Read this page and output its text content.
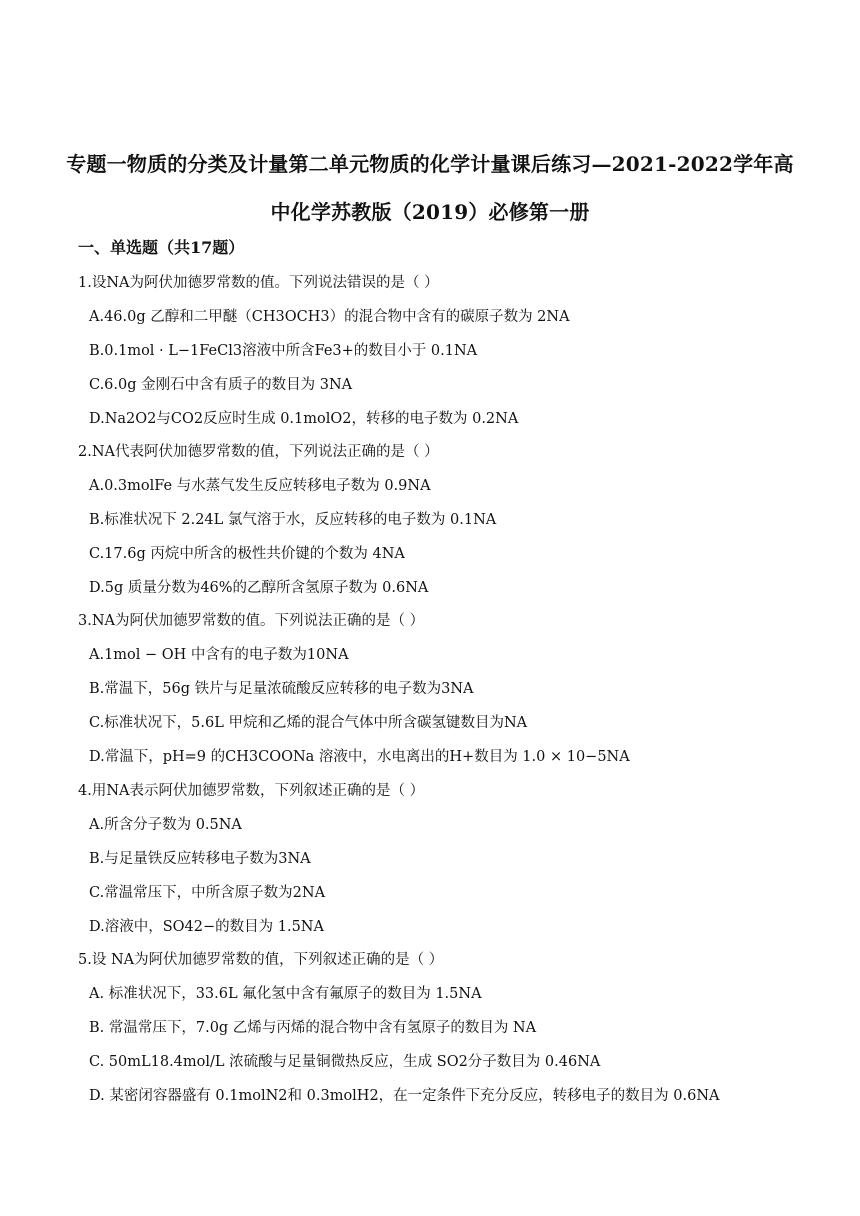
专题一物质的分类及计量第二单元物质的化学计量课后练习—2021-2022学年高
中化学苏教版（2019）必修第一册
一、单选题（共17题）
1.设NA为阿伏加德罗常数的值。下列说法错误的是（ ）
A.46.0g 乙醇和二甲醚（CH3OCH3）的混合物中含有的碳原子数为 2NA
B.0.1mol · L−1FeCl3溶液中所含Fe3+的数目小于 0.1NA
C.6.0g 金刚石中含有质子的数目为 3NA
D.Na2O2与CO2反应时生成 0.1molO2，转移的电子数为 0.2NA
2.NA代表阿伏加德罗常数的值，下列说法正确的是（ ）
A.0.3molFe 与水蒸气发生反应转移电子数为 0.9NA
B.标准状况下 2.24L 氯气溶于水，反应转移的电子数为 0.1NA
C.17.6g 丙烷中所含的极性共价键的个数为 4NA
D.5g 质量分数为46%的乙醇所含氢原子数为 0.6NA
3.NA为阿伏加德罗常数的值。下列说法正确的是（ ）
A.1mol − OH 中含有的电子数为10NA
B.常温下，56g 铁片与足量浓硫酸反应转移的电子数为3NA
C.标准状况下，5.6L 甲烷和乙烯的混合气体中所含碳氢键数目为NA
D.常温下，pH=9 的CH3COONa 溶液中，水电离出的H+数目为 1.0 × 10−5NA
4.用NA表示阿伏加德罗常数，下列叙述正确的是（ ）
A.所含分子数为 0.5NA
B.与足量铁反应转移电子数为3NA
C.常温常压下，中所含原子数为2NA
D.溶液中，SO42−的数目为 1.5NA
5.设 NA为阿伏加德罗常数的值，下列叙述正确的是（ ）
A. 标准状况下，33.6L 氟化氢中含有氟原子的数目为 1.5NA
B. 常温常压下，7.0g 乙烯与丙烯的混合物中含有氢原子的数目为 NA
C. 50mL18.4mol/L 浓硫酸与足量铜微热反应，生成 SO2分子数目为 0.46NA
D. 某密闭容器盛有 0.1molN2和 0.3molH2，在一定条件下充分反应，转移电子的数目为 0.6NA
